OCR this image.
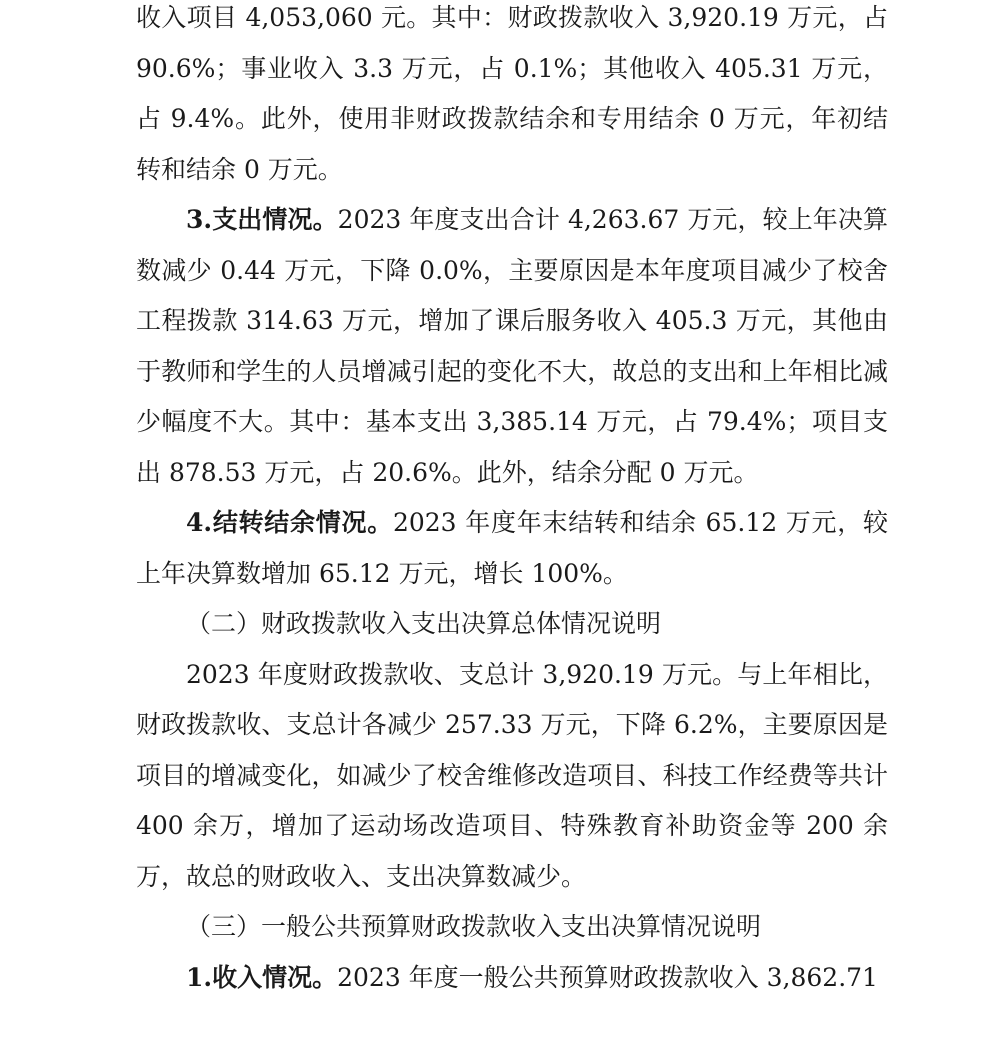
收入项目 4,053,060 元。其中：财政拨款收入 3,920.19 万元，占 90.6%；事业收入 3.3 万元，占 0.1%；其他收入 405.31 万元，占 9.4%。此外，使用非财政拨款结余和专用结余 0 万元，年初结转和结余 0 万元。

3.支出情况。2023 年度支出合计 4,263.67 万元，较上年决算数减少 0.44 万元，下降 0.0%，主要原因是本年度项目减少了校舍工程拨款 314.63 万元，增加了课后服务收入 405.3 万元，其他由于教师和学生的人员增减引起的变化不大，故总的支出和上年相比减少幅度不大。其中：基本支出 3,385.14 万元，占 79.4%；项目支出 878.53 万元，占 20.6%。此外，结余分配 0 万元。

4.结转结余情况。2023 年度年末结转和结余 65.12 万元，较上年决算数增加 65.12 万元，增长 100%。

（二）财政拨款收入支出决算总体情况说明

2023 年度财政拨款收、支总计 3,920.19 万元。与上年相比，财政拨款收、支总计各减少 257.33 万元，下降 6.2%，主要原因是项目的增减变化，如减少了校舍维修改造项目、科技工作经费等共计 400 余万，增加了运动场改造项目、特殊教育补助资金等 200 余万，故总的财政收入、支出决算数减少。

（三）一般公共预算财政拨款收入支出决算情况说明

1.收入情况。2023 年度一般公共预算财政拨款收入 3,862.71
